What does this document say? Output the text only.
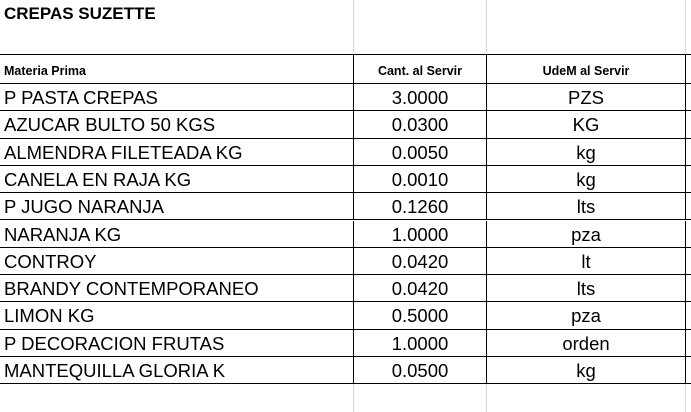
CREPAS SUZETTE
Materia Prima	Cant. al Servir	UdeM al Servir
P PASTA CREPAS	3.0000	PZS
AZUCAR BULTO 50 KGS	0.0300	KG
ALMENDRA FILETEADA KG	0.0050	kg
CANELA EN RAJA KG	0.0010	kg
P JUGO NARANJA	0.1260	lts
NARANJA KG	1.0000	pza
CONTROY	0.0420	lt
BRANDY CONTEMPORANEO	0.0420	lts
LIMON KG	0.5000	pza
P DECORACION FRUTAS	1.0000	orden
MANTEQUILLA GLORIA K	0.0500	kg
